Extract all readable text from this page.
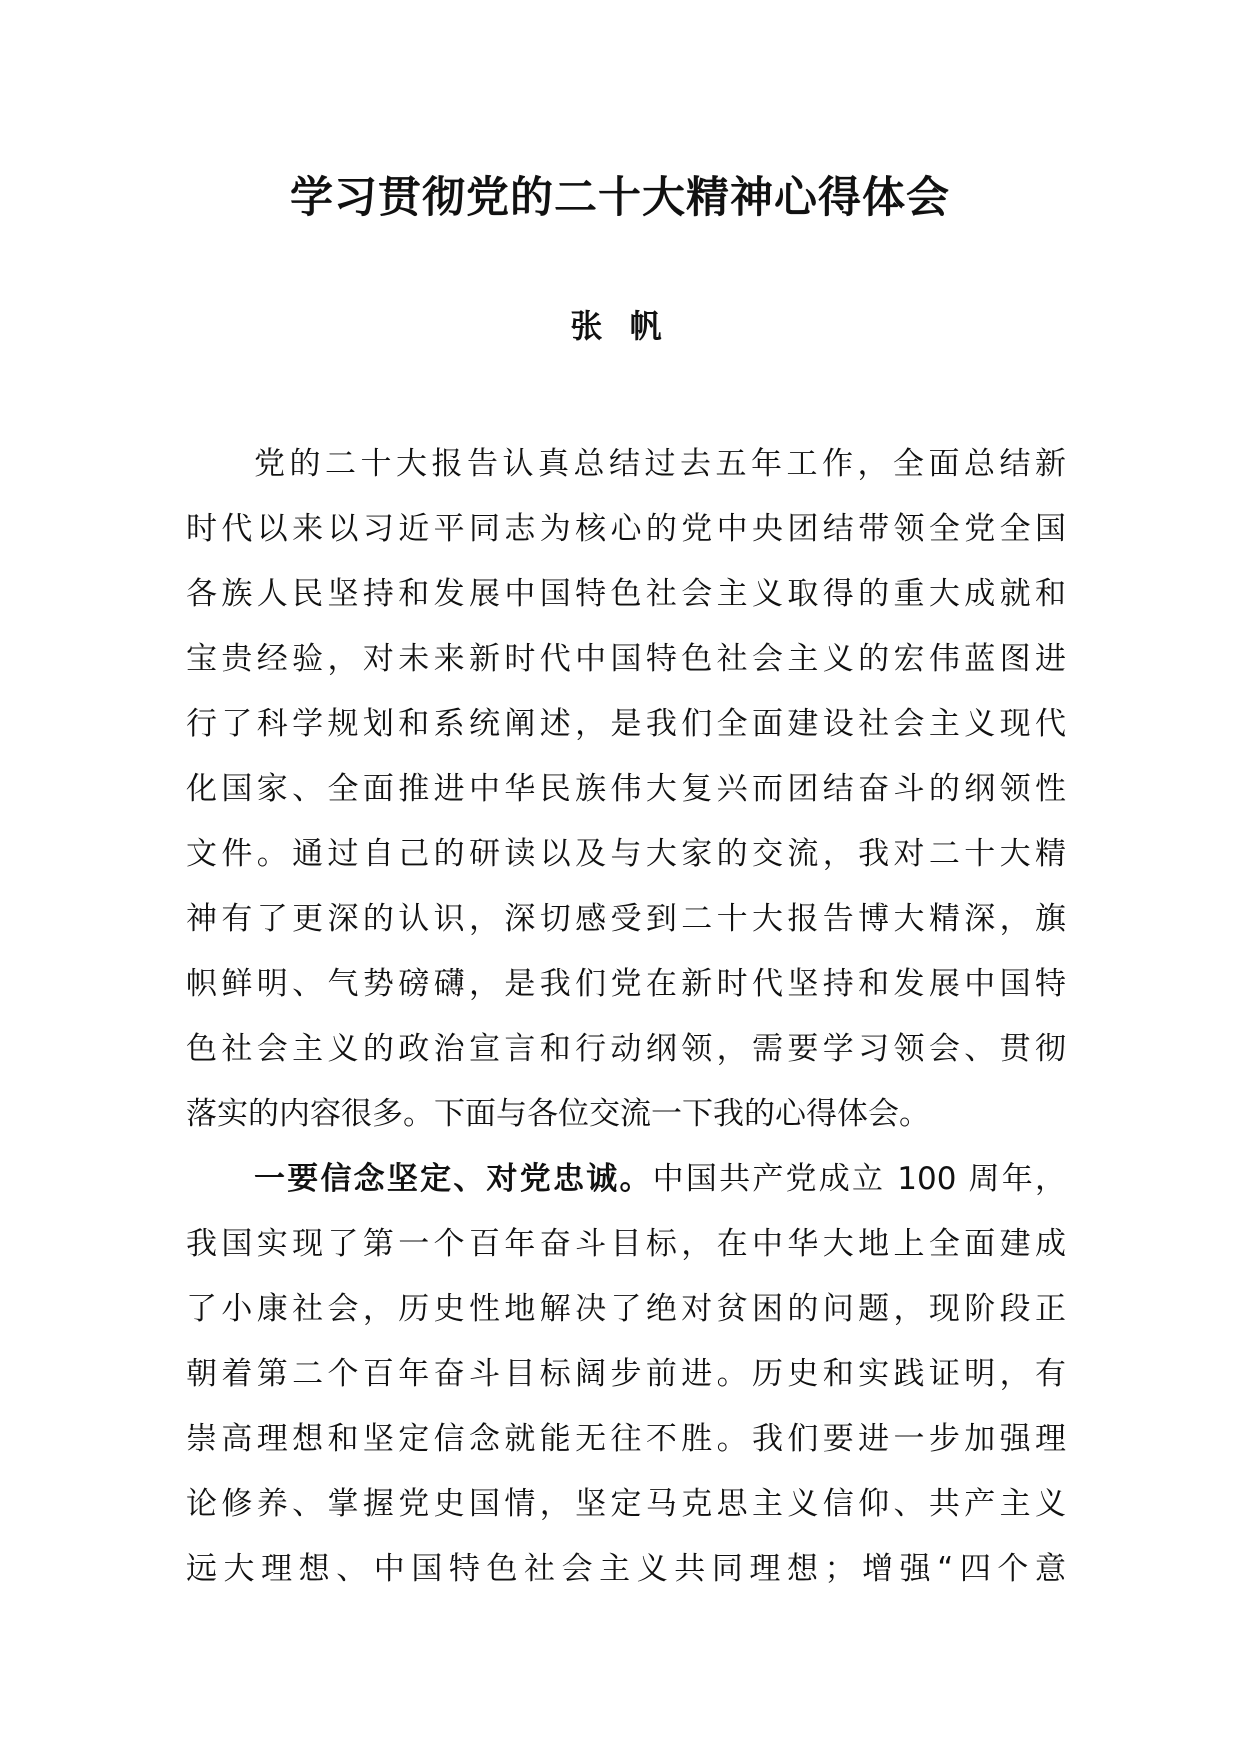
学习贯彻党的二十大精神心得体会

张 帆

党的二十大报告认真总结过去五年工作，全面总结新
时代以来以习近平同志为核心的党中央团结带领全党全国
各族人民坚持和发展中国特色社会主义取得的重大成就和
宝贵经验，对未来新时代中国特色社会主义的宏伟蓝图进
行了科学规划和系统阐述，是我们全面建设社会主义现代
化国家、全面推进中华民族伟大复兴而团结奋斗的纲领性
文件。通过自己的研读以及与大家的交流，我对二十大精
神有了更深的认识，深切感受到二十大报告博大精深，旗
帜鲜明、气势磅礴，是我们党在新时代坚持和发展中国特
色社会主义的政治宣言和行动纲领，需要学习领会、贯彻
落实的内容很多。下面与各位交流一下我的心得体会。
一要信念坚定、对党忠诚。中国共产党成立 100 周年，
我国实现了第一个百年奋斗目标，在中华大地上全面建成
了小康社会，历史性地解决了绝对贫困的问题，现阶段正
朝着第二个百年奋斗目标阔步前进。历史和实践证明，有
崇高理想和坚定信念就能无往不胜。我们要进一步加强理
论修养、掌握党史国情，坚定马克思主义信仰、共产主义
远大理想、中国特色社会主义共同理想；增强“四个意
